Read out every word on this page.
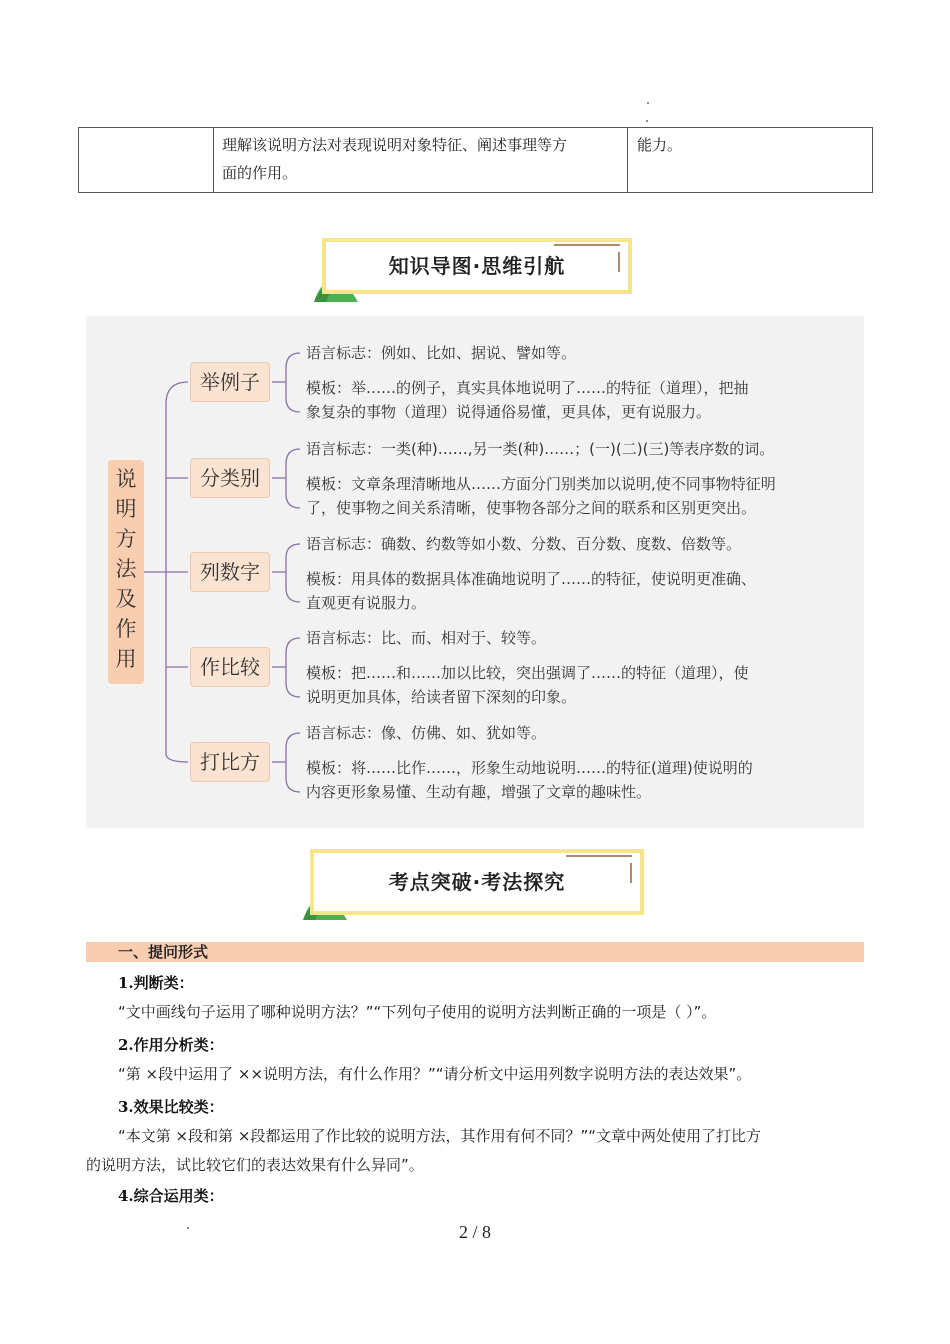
理解该说明方法对表现说明对象特征、阐述事理等方
面的作用。
能力。
知识导图·思维引航
说
明
方
法
及
作
用
举例子
语言标志：例如、比如、据说、譬如等。
模板：举……的例子，真实具体地说明了……的特征（道理），把抽
象复杂的事物（道理）说得通俗易懂，更具体，更有说服力。
分类别
语言标志：一类(种)……,另一类(种)……；(一)(二)(三)等表序数的词。
模板：文章条理清晰地从……方面分门别类加以说明,使不同事物特征明
了，使事物之间关系清晰，使事物各部分之间的联系和区别更突出。
列数字
语言标志：确数、约数等如小数、分数、百分数、度数、倍数等。
模板：用具体的数据具体准确地说明了……的特征，使说明更准确、
直观更有说服力。
作比较
语言标志：比、而、相对于、较等。
模板：把……和……加以比较，突出强调了……的特征（道理），使
说明更加具体，给读者留下深刻的印象。
打比方
语言标志：像、仿佛、如、犹如等。
模板：将……比作……，形象生动地说明……的特征(道理)使说明的
内容更形象易懂、生动有趣，增强了文章的趣味性。
考点突破·考法探究
一、提问形式
1.判断类：
“文中画线句子运用了哪种说明方法？”“下列句子使用的说明方法判断正确的一项是（ ）”。
2.作用分析类：
“第 ×段中运用了 ××说明方法，有什么作用？”“请分析文中运用列数字说明方法的表达效果”。
3.效果比较类：
“本文第 ×段和第 ×段都运用了作比较的说明方法，其作用有何不同？”“文章中两处使用了打比方
的说明方法，试比较它们的表达效果有什么异同”。
4.综合运用类：
2 / 8
